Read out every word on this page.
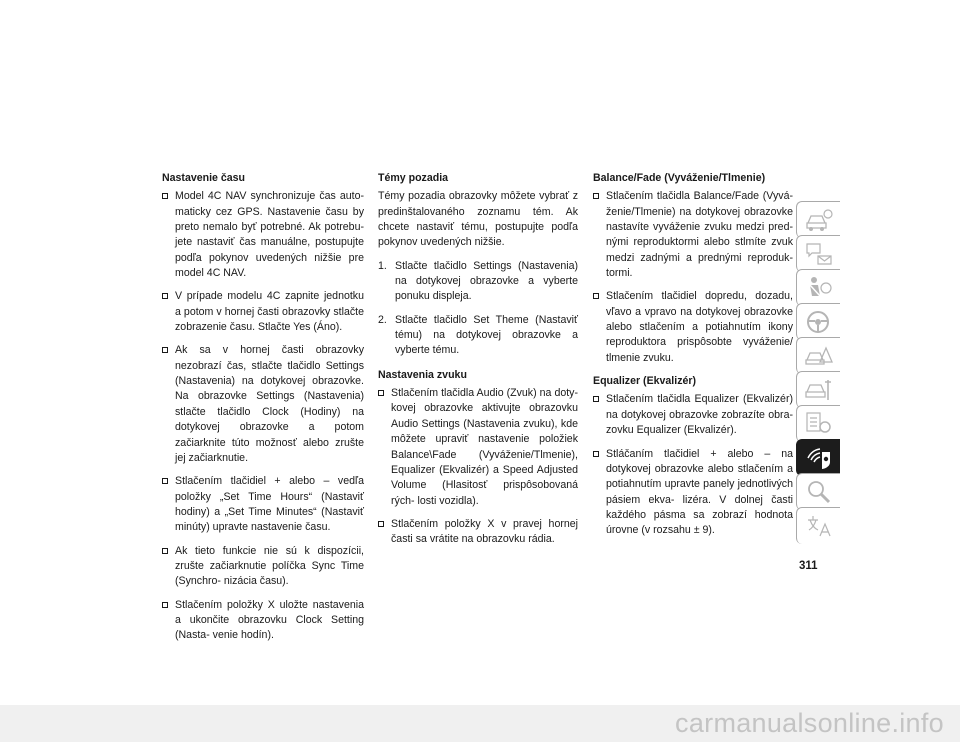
Nastavenie času
Model 4C NAV synchronizuje čas auto- maticky cez GPS. Nastavenie času by preto nemalo byť potrebné. Ak potrebu- jete nastaviť čas manuálne, postupujte podľa pokynov uvedených nižšie pre model 4C NAV.
V prípade modelu 4C zapnite jednotku a potom v hornej časti obrazovky stlačte zobrazenie času. Stlačte Yes (Áno).
Ak sa v hornej časti obrazovky nezobrazí čas, stlačte tlačidlo Settings (Nastavenia) na dotykovej obrazovke. Na obrazovke Settings (Nastavenia) stlačte tlačidlo Clock (Hodiny) na dotykovej obrazovke a potom začiarknite túto možnosť alebo zrušte jej začiarknutie.
Stlačením tlačidiel + alebo – vedľa položky „Set Time Hours“ (Nastaviť hodiny) a „Set Time Minutes“ (Nastaviť minúty) upravte nastavenie času.
Ak tieto funkcie nie sú k dispozícii, zrušte začiarknutie políčka Sync Time (Synchro- nizácia času).
Stlačením položky X uložte nastavenia a ukončite obrazovku Clock Setting (Nasta- venie hodín).
Témy pozadia

Témy pozadia obrazovky môžete vybrať z predinštalovaného zoznamu tém. Ak chcete nastaviť tému, postupujte podľa pokynov uvedených nižšie.

1. Stlačte tlačidlo Settings (Nastavenia) na dotykovej obrazovke a vyberte ponuku displeja.
2. Stlačte tlačidlo Set Theme (Nastaviť tému) na dotykovej obrazovke a vyberte tému.
Nastavenia zvuku
Stlačením tlačidla Audio (Zvuk) na doty- kovej obrazovke aktivujte obrazovku Audio Settings (Nastavenia zvuku), kde môžete upraviť nastavenie položiek Balance\Fade (Vyváženie/Tlmenie), Equalizer (Ekvalizér) a Speed Adjusted Volume (Hlasitosť prispôsobovaná rých- losti vozidla).
Stlačením položky X v pravej hornej časti sa vrátite na obrazovku rádia.
Balance/Fade (Vyváženie/Tlmenie)
Stlačením tlačidla Balance/Fade (Vyvá- ženie/Tlmenie) na dotykovej obrazovke nastavíte vyváženie zvuku medzi pred- nými reproduktormi alebo stlmíte zvuk medzi zadnými a prednými reproduk- tormi.
Stlačením tlačidiel dopredu, dozadu, vľavo a vpravo na dotykovej obrazovke alebo stlačením a potiahnutím ikony reproduktora prispôsobte vyváženie/ tlmenie zvuku.
Equalizer (Ekvalizér)
Stlačením tlačidla Equalizer (Ekvalizér) na dotykovej obrazovke zobrazíte obra- zovku Equalizer (Ekvalizér).
Stláčaním tlačidiel + alebo – na dotykovej obrazovke alebo stlačením a potiahnutím upravte panely jednotlivých pásiem ekva- lizéra. V dolnej časti každého pásma sa zobrazí hodnota úrovne (v rozsahu ± 9).
311
carmanualsonline.info
